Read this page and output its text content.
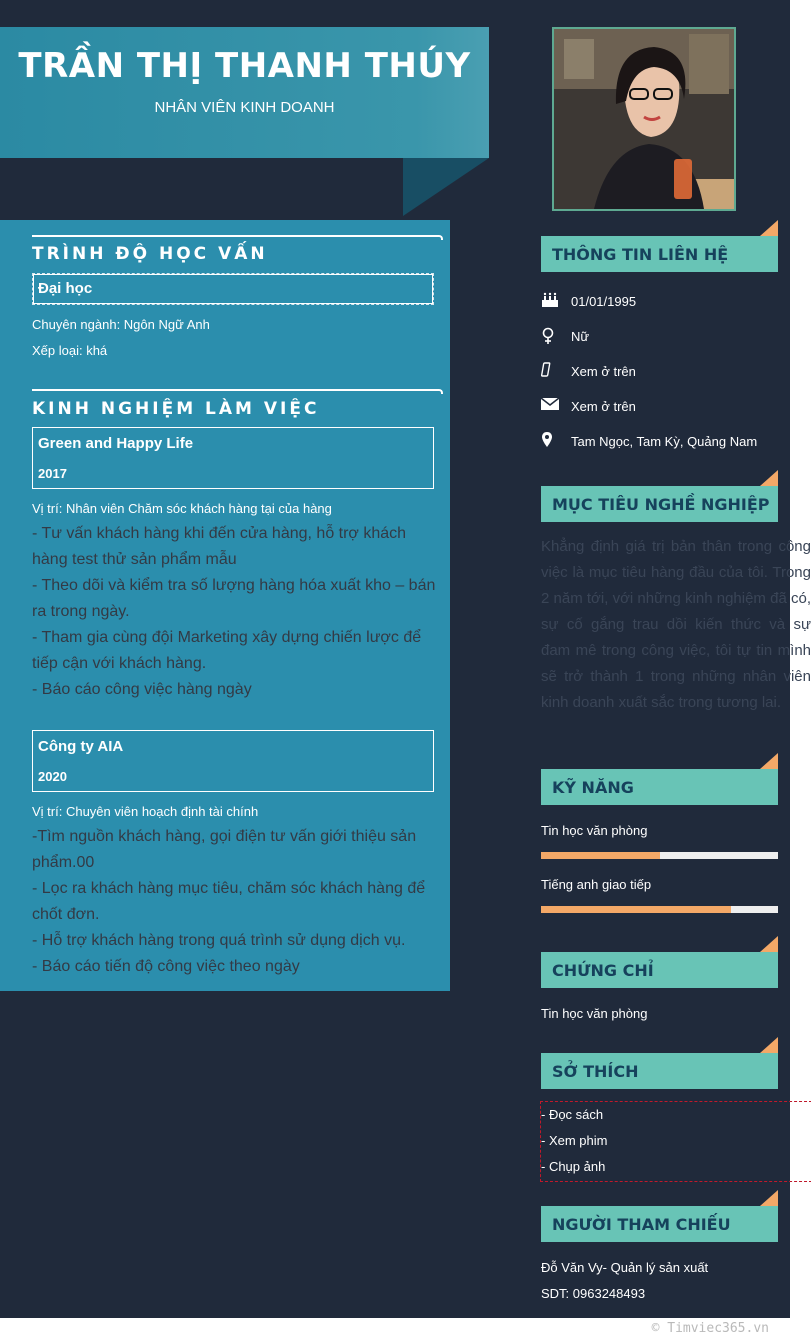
TRẦN THỊ THANH THÚY
NHÂN VIÊN KINH DOANH
TRÌNH ĐỘ HỌC VẤN
Đại học
Chuyên ngành: Ngôn Ngữ Anh
Xếp loại: khá
KINH NGHIỆM LÀM VIỆC
Green and Happy Life
2017
Vị trí: Nhân viên Chăm sóc khách hàng tại của hàng
- Tư vấn khách hàng khi đến cửa hàng, hỗ trợ khách hàng test thử sản phẩm mẫu
- Theo dõi và kiểm tra số lượng hàng hóa xuất kho – bán ra trong ngày.
- Tham gia cùng đội Marketing xây dựng chiến lược để tiếp cận với khách hàng.
- Báo cáo công việc hàng ngày
Công ty AIA
2020
Vị trí: Chuyên viên hoạch định tài chính
-Tìm nguồn khách hàng, gọi điện tư vấn giới thiệu sản phẩm.00
- Lọc ra khách hàng mục tiêu, chăm sóc khách hàng để chốt đơn.
- Hỗ trợ khách hàng trong quá trình sử dụng dịch vụ.
- Báo cáo tiến độ công việc theo ngày
THÔNG TIN LIÊN HỆ
01/01/1995
Nữ
Xem ở trên
Xem ở trên
Tam Ngọc, Tam Kỳ, Quảng Nam
MỤC TIÊU NGHỀ NGHIỆP
Khẳng định giá trị bản thân trong công việc là mục tiêu hàng đầu của tôi. Trong 2 năm tới, với những kinh nghiệm đã có, sự cố gắng trau dồi kiến thức và sự đam mê trong công việc, tôi tự tin mình sẽ trở thành 1 trong những nhân viên kinh doanh xuất sắc trong tương lai.
KỸ NĂNG
Tin học văn phòng
Tiếng anh giao tiếp
CHỨNG CHỈ
Tin học văn phòng
SỞ THÍCH
- Đọc sách
- Xem phim
- Chụp ảnh
NGƯỜI THAM CHIẾU
Đỗ Văn Vy- Quản lý sản xuất
SDT: 0963248493
© Timviec365.vn
